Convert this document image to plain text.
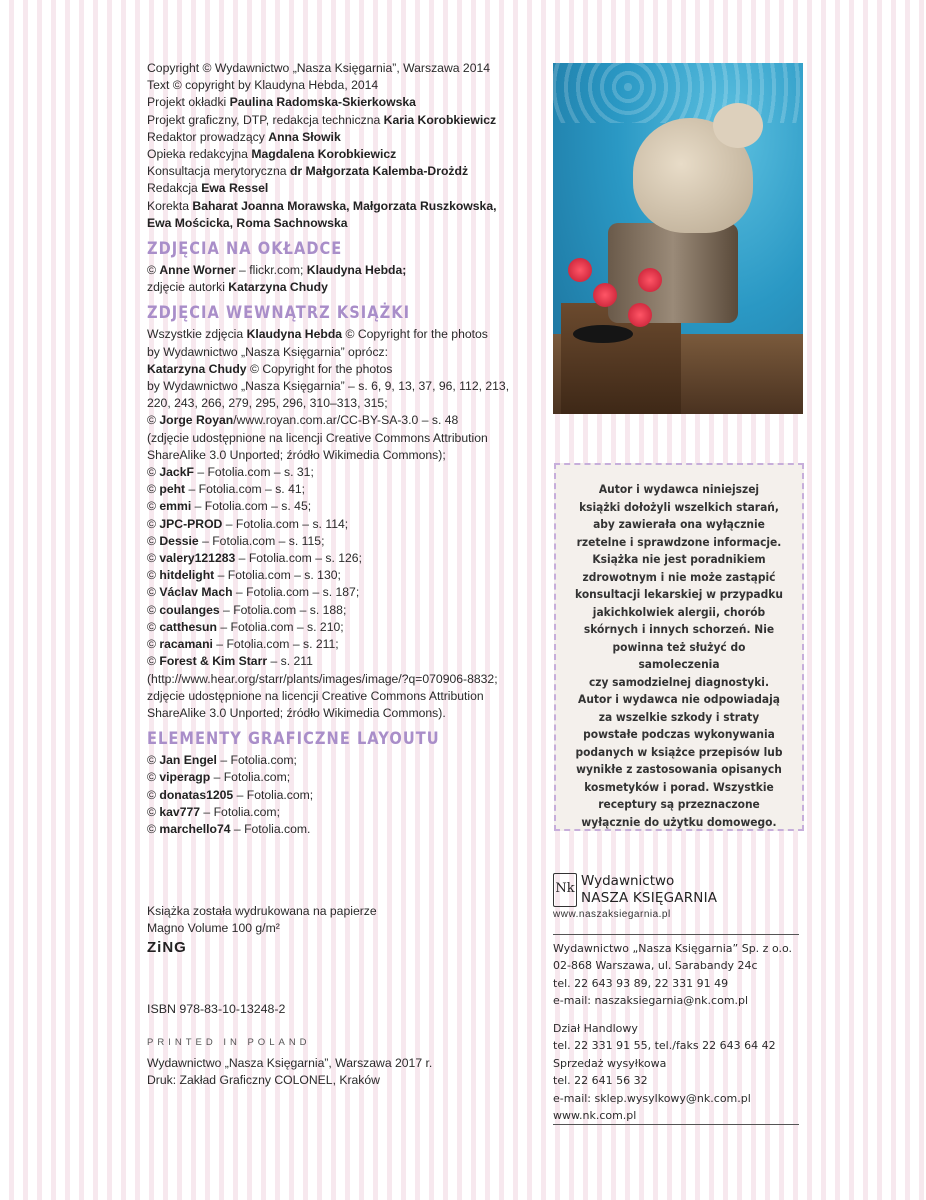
Copyright © Wydawnictwo „Nasza Księgarnia”, Warszawa 2014

Text © copyright by Klaudyna Hebda, 2014

Projekt okładki Paulina Radomska-Skierkowska

Projekt graficzny, DTP, redakcja techniczna Karia Korobkiewicz

Redaktor prowadzący Anna Słowik

Opieka redakcyjna Magdalena Korobkiewicz

Konsultacja merytoryczna dr Małgorzata Kalemba-Drożdż

Redakcja Ewa Ressel

Korekta Baharat Joanna Morawska, Małgorzata Ruszkowska,

Ewa Mościcka, Roma Sachnowska

ZDJĘCIA NA OKŁADCE

© Anne Worner – flickr.com; Klaudyna Hebda;

zdjęcie autorki Katarzyna Chudy

ZDJĘCIA WEWNĄTRZ KSIĄŻKI

Wszystkie zdjęcia Klaudyna Hebda © Copyright for the photos

by Wydawnictwo „Nasza Księgarnia” oprócz:

Katarzyna Chudy © Copyright for the photos

by Wydawnictwo „Nasza Księgarnia” – s. 6, 9, 13, 37, 96, 112, 213,

220, 243, 266, 279, 295, 296, 310–313, 315;

© Jorge Royan/www.royan.com.ar/CC-BY-SA-3.0 – s. 48

(zdjęcie udostępnione na licencji Creative Commons Attribution

ShareAlike 3.0 Unported; źródło Wikimedia Commons);

© JackF – Fotolia.com – s. 31;

© peht – Fotolia.com – s. 41;

© emmi – Fotolia.com – s. 45;

© JPC-PROD – Fotolia.com – s. 114;

© Dessie – Fotolia.com – s. 115;

© valery121283 – Fotolia.com – s. 126;

© hitdelight – Fotolia.com – s. 130;

© Václav Mach – Fotolia.com – s. 187;

© coulanges – Fotolia.com – s. 188;

© catthesun – Fotolia.com – s. 210;

© racamani – Fotolia.com – s. 211;

© Forest & Kim Starr – s. 211

(http://www.hear.org/starr/plants/images/image/?q=070906-8832;

zdjęcie udostępnione na licencji Creative Commons Attribution

ShareAlike 3.0 Unported; źródło Wikimedia Commons).

ELEMENTY GRAFICZNE LAYOUTU

© Jan Engel – Fotolia.com;

© viperagp – Fotolia.com;

© donatas1205 – Fotolia.com;

© kav777 – Fotolia.com;

© marchello74 – Fotolia.com.

Książka została wydrukowana na papierze

Magno Volume 100 g/m²

ZiNG
ISBN 978-83-10-13248-2
PRINTED IN POLAND

Wydawnictwo „Nasza Księgarnia”, Warszawa 2017 r.

Druk: Zakład Graficzny COLONEL, Kraków

Autor i wydawca niniejszej

książki dołożyli wszelkich starań,

aby zawierała ona wyłącznie

rzetelne i sprawdzone informacje.

Książka nie jest poradnikiem

zdrowotnym i nie może zastąpić

konsultacji lekarskiej w przypadku

jakichkolwiek alergii, chorób

skórnych i innych schorzeń. Nie

powinna też służyć do samoleczenia

czy samodzielnej diagnostyki.

Autor i wydawca nie odpowiadają

za wszelkie szkody i straty

powstałe podczas wykonywania

podanych w książce przepisów lub

wynikłe z zastosowania opisanych

kosmetyków i porad. Wszystkie

receptury są przeznaczone

wyłącznie do użytku domowego.

Nk Wydawnictwo
NASZA KSIĘGARNIA
www.naszaksiegarnia.pl

Wydawnictwo „Nasza Księgarnia” Sp. z o.o.

02-868 Warszawa, ul. Sarabandy 24c

tel. 22 643 93 89, 22 331 91 49

e-mail: naszaksiegarnia@nk.com.pl

Dział Handlowy

tel. 22 331 91 55, tel./faks 22 643 64 42

Sprzedaż wysyłkowa

tel. 22 641 56 32

e-mail: sklep.wysylkowy@nk.com.pl

www.nk.com.pl
